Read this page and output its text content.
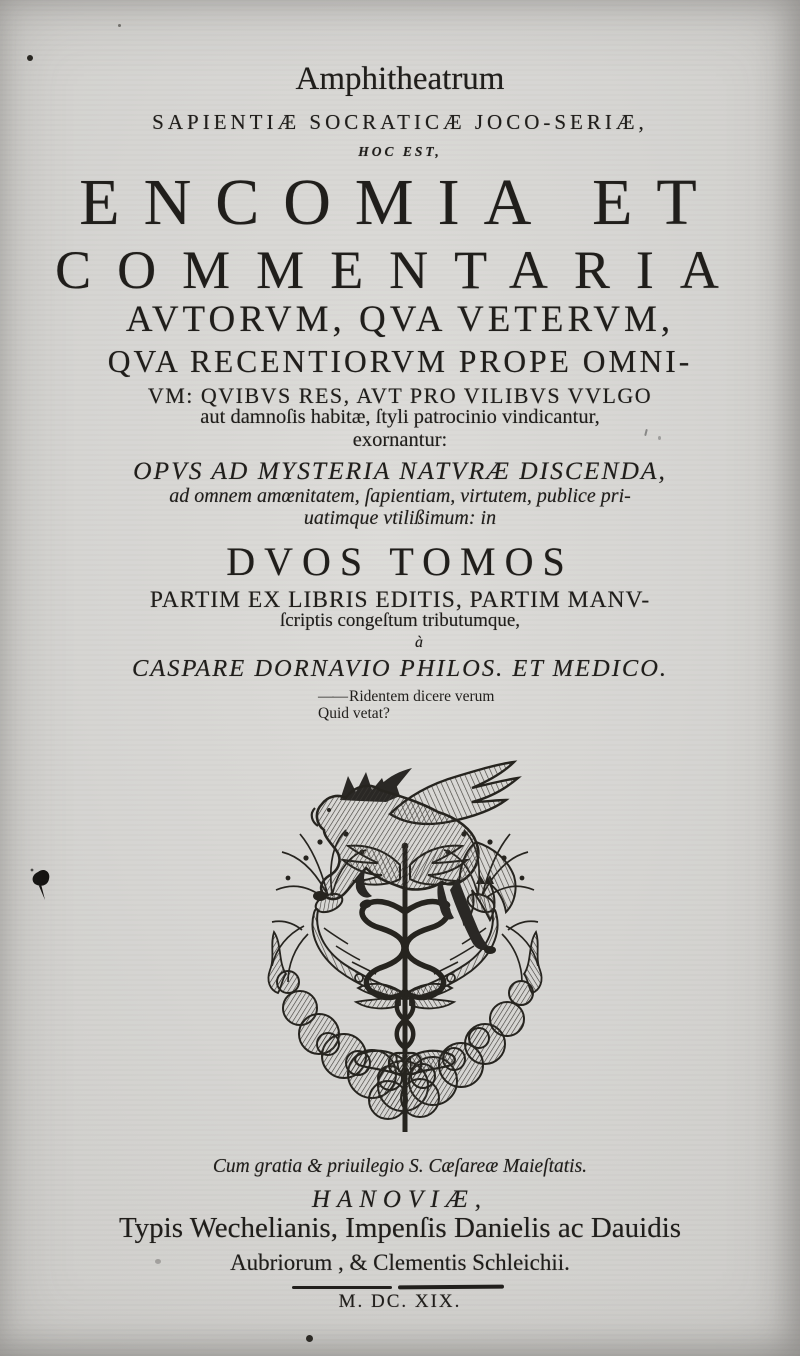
Amphitheatrum
SAPIENTIÆ SOCRATICÆ JOCO-SERIÆ,
HOC EST,
ENCOMIA ET
COMMENTARIA
AVTORVM, QVA VETERVM,
QVA RECENTIORVM PROPE OMNI-
VM: QVIBVS RES, AVT PRO VILIBVS VVLGO
aut damnoſis habitæ, ſtyli patrocinio vindicantur,
exornantur:
OPVS AD MYSTERIA NATVRÆ DISCENDA,
ad omnem amœnitatem, ſapientiam, virtutem, publice pri-
uatimque vtilißimum: in
DVOS TOMOS
PARTIM EX LIBRIS EDITIS, PARTIM MANV-
ſcriptis congeſtum tributumque,
à
CASPARE DORNAVIO PHILOS. ET MEDICO.
—— Ridentem dicere verum
Quid vetat?
Cum gratia & priuilegio S. Cæſareæ Maieſtatis.
HANOVIÆ,
Typis Wechelianis, Impenſis Danielis ac Dauidis
Aubriorum , & Clementis Schleichii.
M. DC. XIX.
